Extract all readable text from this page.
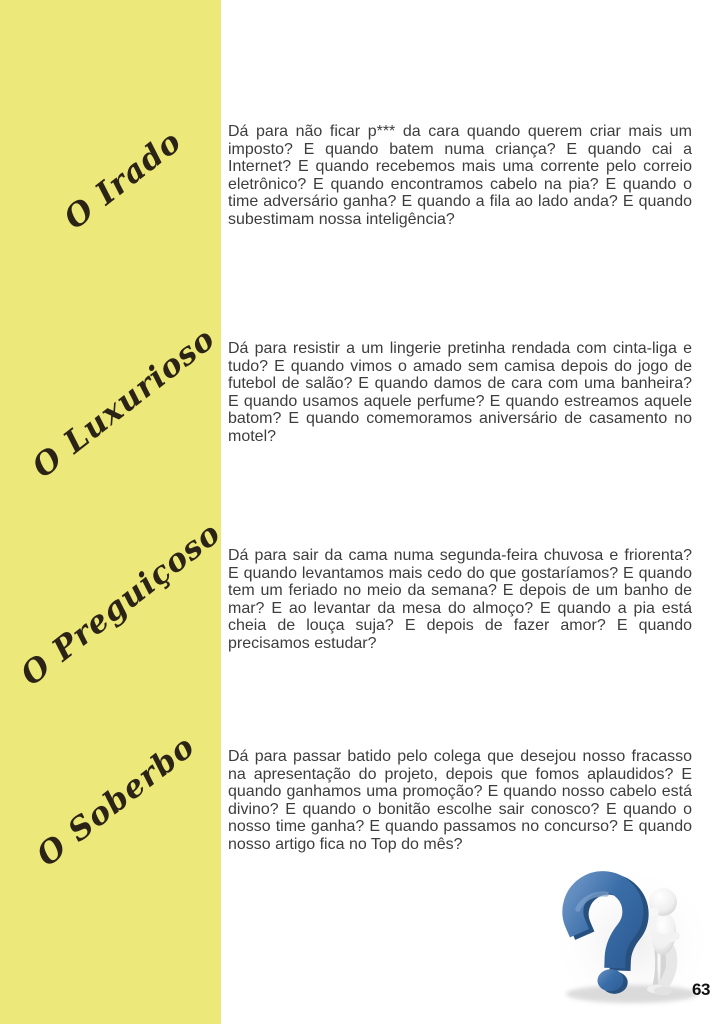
O Irado
O Luxurioso
O Preguiçoso
O Soberbo
Dá para não ficar p*** da cara quando querem criar mais um imposto? E quando batem numa criança? E quando cai a Internet? E quando recebemos mais uma corrente pelo correio eletrônico? E quando encontramos cabelo na pia? E quando o time adversário ganha? E quando a fila ao lado anda? E quando subestimam nossa inteligência?
Dá para resistir a um lingerie pretinha rendada com cinta-liga e tudo? E quando vimos o amado sem camisa depois do jogo de futebol de salão? E quando damos de cara com uma banheira? E quando usamos aquele perfume? E quando estreamos aquele batom? E quando comemoramos aniversário de casamento no motel?
Dá para sair da cama numa segunda-feira chuvosa e friorenta? E quando levantamos mais cedo do que gostaríamos? E quando tem um feriado no meio da semana? E depois de um banho de mar? E ao levantar da mesa do almoço? E quando a pia está cheia de louça suja? E depois de fazer amor? E quando precisamos estudar?
Dá para passar batido pelo colega que desejou nosso fracasso na apresentação do projeto, depois que fomos aplaudidos? E quando ganhamos uma promoção? E quando nosso cabelo está divino? E quando o bonitão escolhe sair conosco? E quando o nosso time ganha? E quando passamos no concurso? E quando nosso artigo fica no Top do mês?
63
